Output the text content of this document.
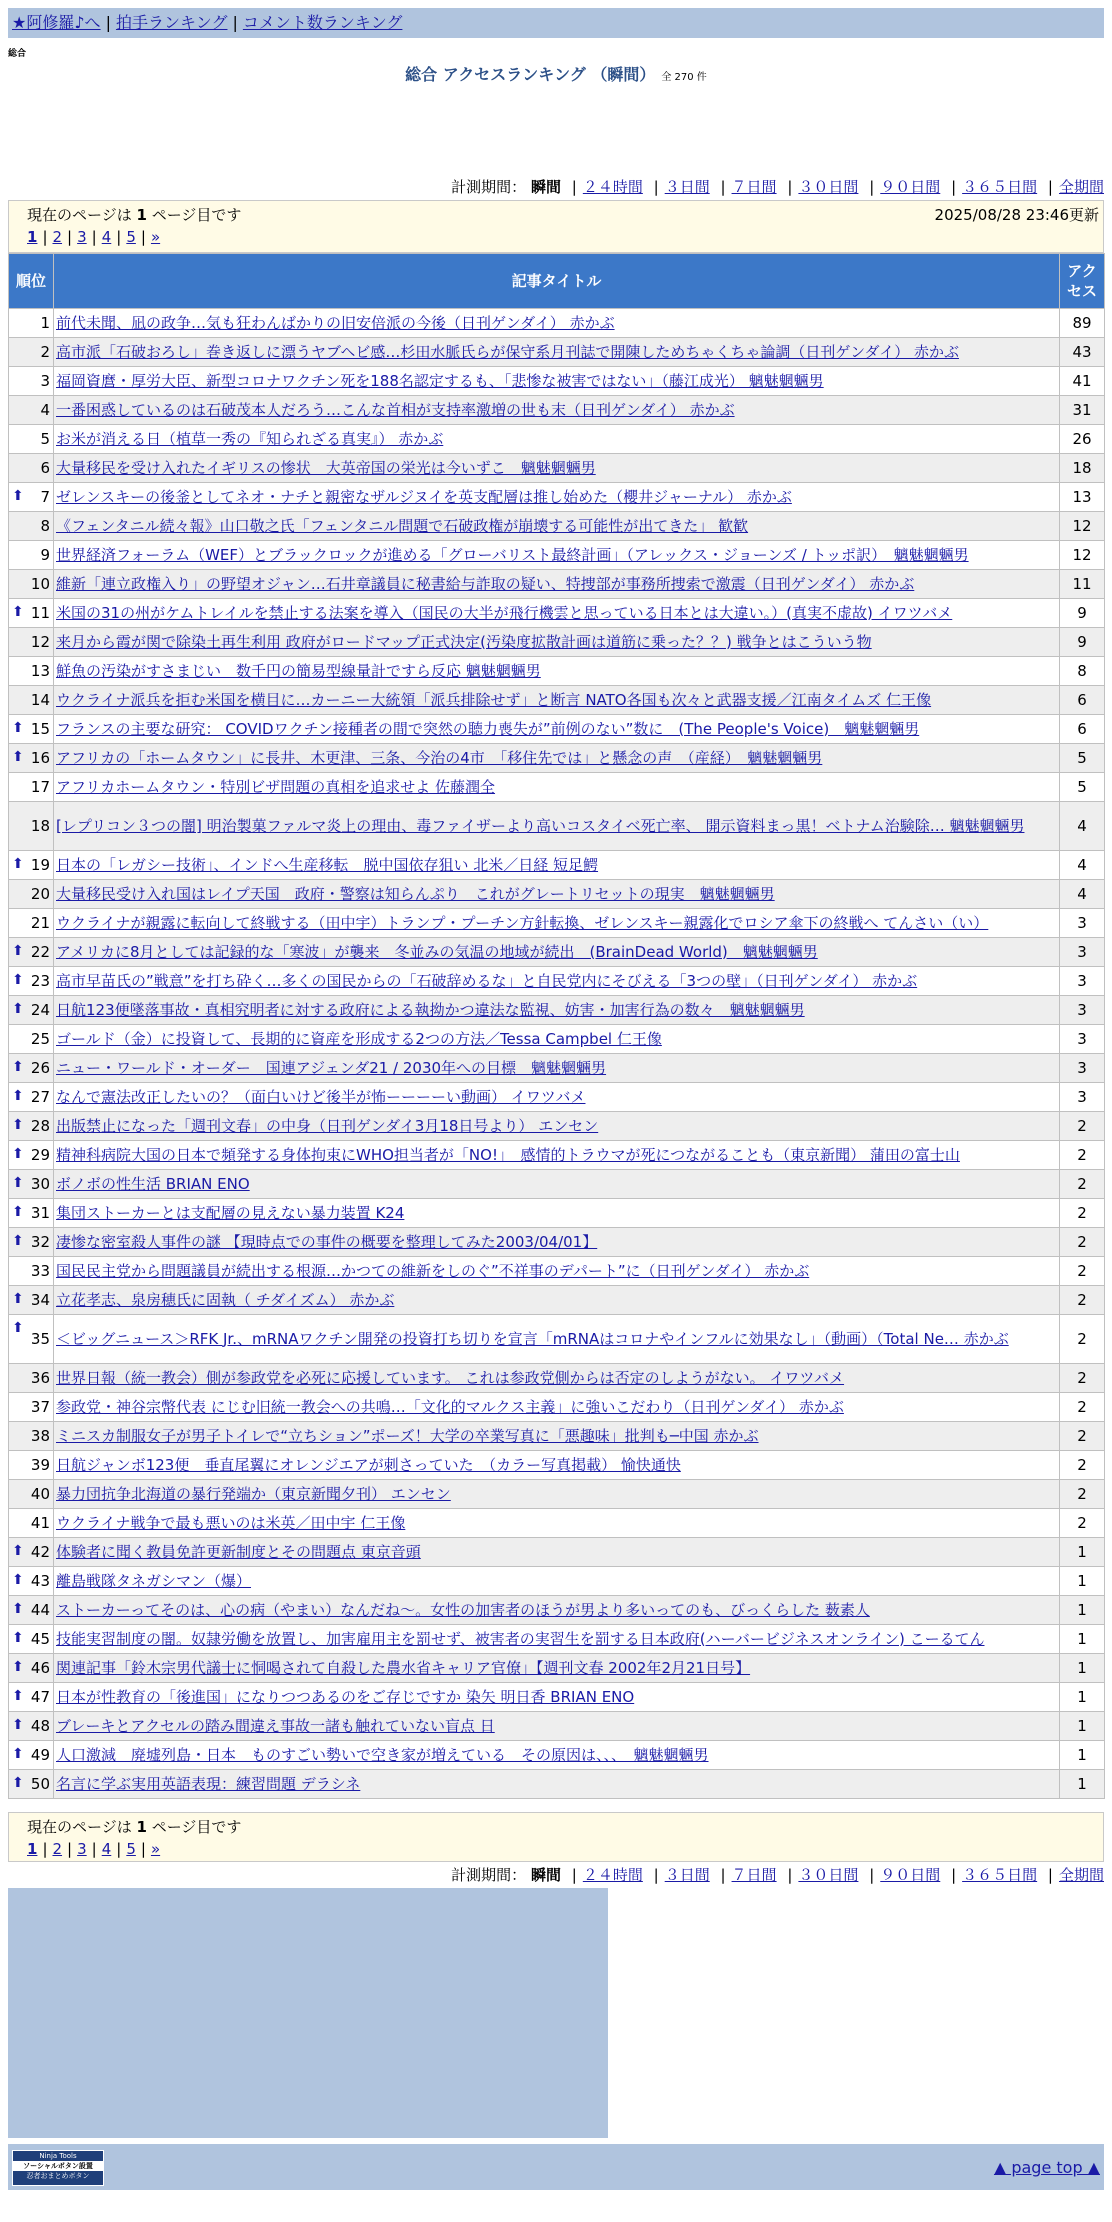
★阿修羅♪へ | 拍手ランキング | コメント数ランキング
総合
総合 アクセスランキング （瞬間） 全 270 件
計測期間： 瞬間 | ２４時間 | ３日間 | ７日間 | ３０日間 | ９０日間 | ３６５日間 | 全期間
現在のページは 1 ページ目です	2025/08/28 23:46更新
1 | 2 | 3 | 4 | 5 | »
順位	記事タイトル	アクセス
1	前代未聞、凪の政争…気も狂わんばかりの旧安倍派の今後（日刊ゲンダイ） 赤かぶ	89
2	高市派「石破おろし」巻き返しに漂うヤブヘビ感…杉田水脈氏らが保守系月刊誌で開陳しためちゃくちゃ論調（日刊ゲンダイ） 赤かぶ	43
3	福岡資麿・厚労大臣、新型コロナワクチン死を188名認定するも、「悲惨な被害ではない」（藤江成光） 魑魅魍魎男	41
4	一番困惑しているのは石破茂本人だろう…こんな首相が支持率激増の世も末（日刊ゲンダイ） 赤かぶ	31
5	お米が消える日（植草一秀の『知られざる真実』） 赤かぶ	26
6	大量移民を受け入れたイギリスの惨状　大英帝国の栄光は今いずこ　魑魅魍魎男	18

⬆ 7	ゼレンスキーの後釜としてネオ・ナチと親密なザルジヌイを英支配層は推し始めた（櫻井ジャーナル） 赤かぶ	13
8	《フェンタニル続々報》山口敬之氏「フェンタニル問題で石破政権が崩壊する可能性が出てきた」 歓歓	12
9	世界経済フォーラム（WEF）とブラックロックが進める「グローバリスト最終計画」（アレックス・ジョーンズ / トッポ訳）　魑魅魍魎男	12
10	維新「連立政権入り」の野望オジャン…石井章議員に秘書給与詐取の疑い、特捜部が事務所捜索で激震（日刊ゲンダイ） 赤かぶ	11

⬆ 11	米国の31の州がケムトレイルを禁止する法案を導入（国民の大半が飛行機雲と思っている日本とは大違い。）(真実不虚故) イワツバメ	9
12	来月から霞が関で除染土再生利用 政府がロードマップ正式決定(汚染度拡散計画は道筋に乗った？？) 戦争とはこういう物	9
13	鮮魚の汚染がすさまじい　数千円の簡易型線量計ですら反応 魑魅魍魎男	8
14	ウクライナ派兵を拒む米国を横目に…カーニー大統領「派兵排除せず」と断言 NATO各国も次々と武器支援／江南タイムズ 仁王像	6

⬆ 15	フランスの主要な研究： COVIDワクチン接種者の間で突然の聴力喪失が”前例のない”数に　(The People's Voice)　魑魅魍魎男	6

⬆ 16	アフリカの「ホームタウン」に長井、木更津、三条、今治の4市　「移住先では」と懸念の声　（産経）　魑魅魍魎男	5
17	アフリカホームタウン・特別ビザ問題の真相を追求せよ 佐藤潤全	5
18	[レプリコン３つの闇] 明治製菓ファルマ炎上の理由、毒ファイザーより高いコスタイベ死亡率、 開示資料まっ黒！ベトナム治験除… 魑魅魍魎男	4

⬆ 19	日本の「レガシー技術」、インドへ生産移転　脱中国依存狙い 北米／日経 短足鰐	4
20	大量移民受け入れ国はレイプ天国　政府・警察は知らんぷり　これがグレートリセットの現実　魑魅魍魎男	4
21	ウクライナが親露に転向して終戦する（田中宇）トランプ・プーチン方針転換、ゼレンスキー親露化でロシア傘下の終戦へ てんさい（い）	3

⬆ 22	アメリカに8月としては記録的な「寒波」が襲来　冬並みの気温の地域が続出　(BrainDead World)　魑魅魍魎男	3

⬆ 23	高市早苗氏の”戦意”を打ち砕く…多くの国民からの「石破辞めるな」と自民党内にそびえる「3つの壁」（日刊ゲンダイ） 赤かぶ	3

⬆ 24	日航123便墜落事故・真相究明者に対する政府による執拗かつ違法な監視、妨害・加害行為の数々　魑魅魍魎男	3
25	ゴールド（金）に投資して、長期的に資産を形成する2つの方法／Tessa Campbel 仁王像	3

⬆ 26	ニュー・ワールド・オーダー　国連アジェンダ21 / 2030年への目標　魑魅魍魎男	3

⬆ 27	なんで憲法改正したいの？（面白いけど後半が怖ーーーーい動画） イワツバメ	3

⬆ 28	出版禁止になった「週刊文春」の中身（日刊ゲンダイ3月18日号より） エンセン	2

⬆ 29	精神科病院大国の日本で頻発する身体拘束にWHO担当者が「NO!」　感情的トラウマが死につながることも（東京新聞） 蒲田の富士山	2

⬆ 30	ボノボの性生活 BRIAN ENO	2

⬆ 31	集団ストーカーとは支配層の見えない暴力装置 K24	2

⬆ 32	凄惨な密室殺人事件の謎 【現時点での事件の概要を整理してみた2003/04/01】	2
33	国民民主党から問題議員が続出する根源…かつての維新をしのぐ”不祥事のデパート”に（日刊ゲンダイ） 赤かぶ	2

⬆ 34	立花孝志、泉房穂氏に固執（ チダイズム） 赤かぶ	2

⬆
35	＜ビッグニュース＞RFK Jr.、mRNAワクチン開発の投資打ち切りを宣言「mRNAはコロナやインフルに効果なし」（動画）（Total Ne… 赤かぶ	2
36	世界日報（統一教会）側が参政党を必死に応援しています。 これは参政党側からは否定のしようがない。 イワツバメ	2
37	参政党・神谷宗幣代表 にじむ旧統一教会への共鳴…「文化的マルクス主義」に強いこだわり（日刊ゲンダイ） 赤かぶ	2
38	ミニスカ制服女子が男子トイレで“立ちション”ポーズ！大学の卒業写真に「悪趣味」批判も─中国 赤かぶ	2
39	日航ジャンボ123便　垂直尾翼にオレンジエアが刺さっていた　（カラー写真掲載） 愉快通快	2
40	暴力団抗争北海道の暴行発端か（東京新聞夕刊） エンセン	2
41	ウクライナ戦争で最も悪いのは米英／田中宇 仁王像	2

⬆ 42	体験者に聞く教員免許更新制度とその問題点 東京音頭	1

⬆ 43	離島戦隊タネガシマン（爆）	1

⬆ 44	ストーカーってそのは、心の病（やまい）なんだね～。女性の加害者のほうが男より多いってのも、びっくらした 薮素人	1

⬆ 45	技能実習制度の闇。奴隷労働を放置し、加害雇用主を罰せず、被害者の実習生を罰する日本政府(ハーバービジネスオンライン) こーるてん	1

⬆ 46	関連記事「鈴木宗男代議士に恫喝されて自殺した農水省キャリア官僚」【週刊文春 2002年2月21日号】	1

⬆ 47	日本が性教育の「後進国」になりつつあるのをご存じですか 染矢 明日香 BRIAN ENO	1

⬆ 48	ブレーキとアクセルの踏み間違え事故一諸も触れていない盲点 日	1

⬆ 49	人口激減　廃墟列島・日本　ものすごい勢いで空き家が増えている　その原因は、、、　魑魅魍魎男	1

⬆ 50	名言に学ぶ実用英語表現：練習問題 デラシネ	1
現在のページは 1 ページ目です
1 | 2 | 3 | 4 | 5 | »
計測期間： 瞬間 | ２４時間 | ３日間 | ７日間 | ３０日間 | ９０日間 | ３６５日間 | 全期間
Ninja Tools
ソーシャルボタン設置
忍者おまとめボタン	▲ page top ▲
